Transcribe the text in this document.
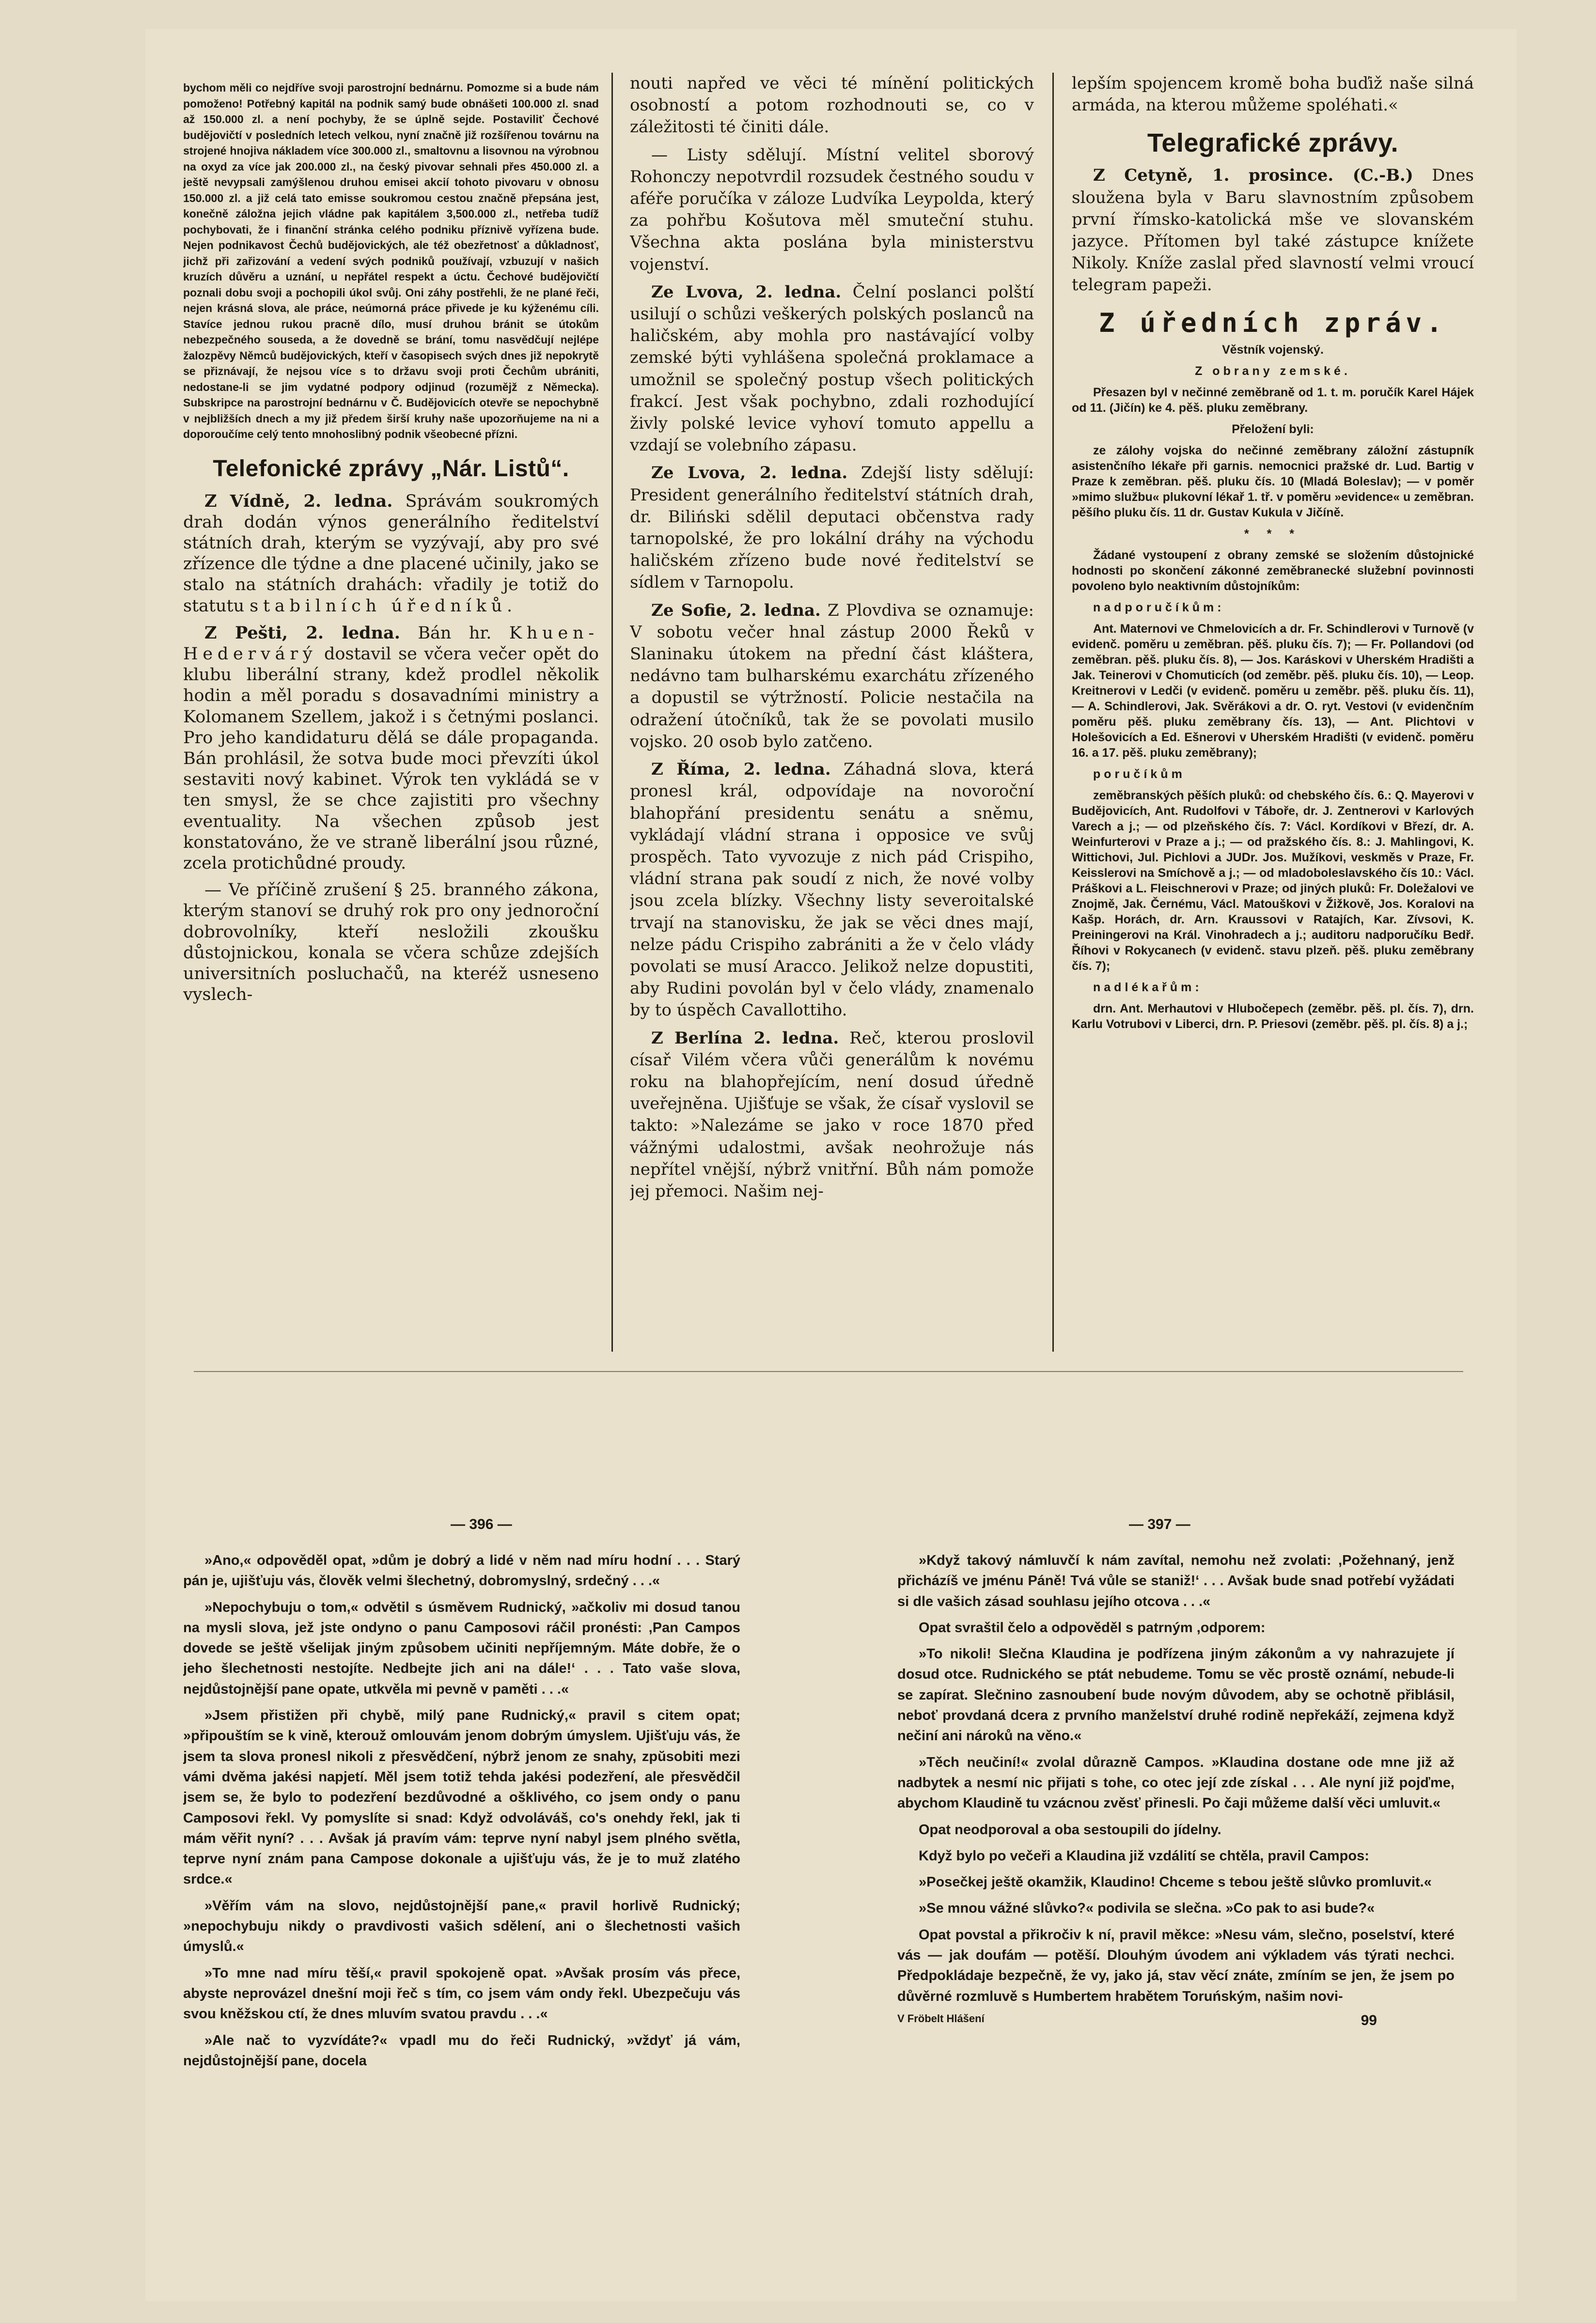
bychom měli co nejdříve svoji parostrojní bednárnu. Pomozme si a bude nám pomoženo! Potřebný kapitál na podnik samý bude obnášeti 100.000 zl. snad až 150.000 zl. a není pochyby, že se úplně sejde. Postaviliť Čechové budějovičtí v posledních letech velkou, nyní značně již rozšířenou továrnu na strojené hnojiva nákladem více 300.000 zl., smaltovnu a lisovnou na výrobnou na oxyd za více jak 200.000 zl., na český pivovar sehnali přes 450.000 zl. a ještě nevypsali zamýšlenou druhou emisei akcií tohoto pivovaru v obnosu 150.000 zl. a již celá tato emisse soukromou cestou značně přepsána jest, konečně záložna jejich vládne pak kapitálem 3,500.000 zl., netřeba tudíž pochybovati, že i finanční stránka celého podniku příznivě vyřízena bude. Nejen podnikavost Čechů budějovických, ale též obezřetnosť a důkladnosť, jichž při zařizování a vedení svých podniků používají, vzbuzují v našich kruzích důvěru a uznání, u nepřátel respekt a úctu. Čechové budějovičtí poznali dobu svoji a pochopili úkol svůj. Oni záhy postřehli, že ne plané řeči, nejen krásná slova, ale práce, neúmorná práce přivede je ku kýženému cíli. Stavíce jednou rukou pracně dílo, musí druhou bránit se útokům nebezpečného souseda, a že dovedně se brání, tomu nasvědčují nejlépe žalozpěvy Němců budějovických, kteří v časopisech svých dnes již nepokrytě se přiznávají, že nejsou více s to državu svoji proti Čechům ubrániti, nedostane-li se jim vydatné podpory odjinud (rozumějž z Německa). Subskripce na parostrojní bednárnu v Č. Budějovicích otevře se nepochybně v nejbližších dnech a my již předem širší kruhy naše upozorňujeme na ni a doporoučíme celý tento mnohoslibný podnik všeobecné přízni.

Telefonické zprávy „Nár. Listů“.

Z Vídně, 2. ledna. Správám soukromých drah dodán výnos generálního ředitelství státních drah, kterým se vyzývají, aby pro své zřízence dle týdne a dne placené učinily, jako se stalo na státních drahách: vřadily je totiž do statutu stabilních úředníků.

Z Pešti, 2. ledna. Bán hr. Khuen-Hedervárý dostavil se včera večer opět do klubu liberální strany, kdež prodlel několik hodin a měl poradu s dosavadními ministry a Kolomanem Szellem, jakož i s četnými poslanci. Pro jeho kandidaturu dělá se dále propaganda. Bán prohlásil, že sotva bude moci převzíti úkol sestaviti nový kabinet. Výrok ten vykládá se v ten smysl, že se chce zajistiti pro všechny eventuality. Na všechen způsob jest konstatováno, že ve straně liberální jsou různé, zcela protichůdné proudy.

— Ve příčině zrušení § 25. branného zákona, kterým stanoví se druhý rok pro ony jednoroční dobrovolníky, kteří nesložili zkoušku důstojnickou, konala se včera schůze zdejších universitních posluchačů, na kteréž usneseno vyslech-

nouti napřed ve věci té mínění politických osobností a potom rozhodnouti se, co v záležitosti té činiti dále.

— Listy sdělují. Místní velitel sborový Rohonczy nepotvrdil rozsudek čestného soudu v aféře poručíka v záloze Ludvíka Leypolda, který za pohřbu Košutova měl smuteční stuhu. Všechna akta poslána byla ministerstvu vojenství.

Ze Lvova, 2. ledna. Čelní poslanci polští usilují o schůzi veškerých polských poslanců na haličském, aby mohla pro nastávající volby zemské býti vyhlášena společná proklamace a umožnil se společný postup všech politických frakcí. Jest však pochybno, zdali rozhodující živly polské levice vyhoví tomuto appellu a vzdají se volebního zápasu.

Ze Lvova, 2. ledna. Zdejší listy sdělují: President generálního ředitelství státních drah, dr. Biliński sdělil deputaci občenstva rady tarnopolské, že pro lokální dráhy na východu haličském zřízeno bude nové ředitelství se sídlem v Tarnopolu.

Ze Sofie, 2. ledna. Z Plovdiva se oznamuje: V sobotu večer hnal zástup 2000 Řeků v Slaninaku útokem na přední část kláštera, nedávno tam bulharskému exarchátu zřízeného a dopustil se výtržností. Policie nestačila na odražení útočníků, tak že se povolati musilo vojsko. 20 osob bylo zatčeno.

Z Říma, 2. ledna. Záhadná slova, která pronesl král, odpovídaje na novoroční blahopřání presidentu senátu a sněmu, vykládají vládní strana i opposice ve svůj prospěch. Tato vyvozuje z nich pád Crispiho, vládní strana pak soudí z nich, že nové volby jsou zcela blízky. Všechny listy severoitalské trvají na stanovisku, že jak se věci dnes mají, nelze pádu Crispiho zabrániti a že v čelo vlády povolati se musí Aracco. Jelikož nelze dopustiti, aby Rudini povolán byl v čelo vlády, znamenalo by to úspěch Cavallottiho.

Z Berlína 2. ledna. Reč, kterou proslovil císař Vilém včera vůči generálům k novému roku na blahopřejícím, není dosud úředně uveřejněna. Ujišťuje se však, že císař vyslovil se takto: »Nalezáme se jako v roce 1870 před vážnými udalostmi, avšak neohrožuje nás nepřítel vnější, nýbrž vnitřní. Bůh nám pomože jej přemoci. Našim nej-

lepším spojencem kromě boha buďiž naše silná armáda, na kterou můžeme spoléhati.«

Telegrafické zprávy.

Z Cetyně, 1. prosince. (C.-B.) Dnes sloužena byla v Baru slavnostním způsobem první římsko-katolická mše ve slovanském jazyce. Přítomen byl také zástupce knížete Nikoly. Kníže zaslal před slavností velmi vroucí telegram papeži.

Z úředních zpráv.

Věstník vojenský.

Z obrany zemské.

Přesazen byl v nečinné zeměbraně od 1. t. m. poručík Karel Hájek od 11. (Jičín) ke 4. pěš. pluku zeměbrany.

Přeložení byli:

ze zálohy vojska do nečinné zeměbrany záložní zástupník asistenčního lékaře při garnis. nemocnici pražské dr. Lud. Bartig v Praze k zeměbran. pěš. pluku čís. 10 (Mladá Boleslav); — v poměr »mimo službu« plukovní lékař 1. tř. v poměru »evidence« u zeměbran. pěšího pluku čís. 11 dr. Gustav Kukula v Jičíně.

* * *

Žádané vystoupení z obrany zemské se složením důstojnické hodnosti po skončení zákonné zeměbranecké služební povinnosti povoleno bylo neaktivním důstojníkům:

nadporučíkům:

Ant. Maternovi ve Chmelovicích a dr. Fr. Schindlerovi v Turnově (v evidenč. poměru u zeměbran. pěš. pluku čís. 7); — Fr. Pollandovi (od zeměbran. pěš. pluku čís. 8), — Jos. Karáskovi v Uherském Hradišti a Jak. Teinerovi v Chomuticích (od zeměbr. pěš. pluku čís. 10), — Leop. Kreitnerovi v Ledči (v evidenč. poměru u zeměbr. pěš. pluku čís. 11), — A. Schindlerovi, Jak. Svěrákovi a dr. O. ryt. Vestovi (v evidenčním poměru pěš. pluku zeměbrany čís. 13), — Ant. Plichtovi v Holešovicích a Ed. Ešnerovi v Uherském Hradišti (v evidenč. poměru 16. a 17. pěš. pluku zeměbrany);

poručíkům

zeměbranských pěších pluků: od chebského čís. 6.: Q. Mayerovi v Budějovicích, Ant. Rudolfovi v Táboře, dr. J. Zentnerovi v Karlových Varech a j.; — od plzeňského čís. 7: Václ. Kordíkovi v Březí, dr. A. Weinfurterovi v Praze a j.; — od pražského čís. 8.: J. Mahlingovi, K. Wittichovi, Jul. Pichlovi a JUDr. Jos. Mužíkovi, veskměs v Praze, Fr. Keisslerovi na Smíchově a j.; — od mladoboleslavského čís 10.: Václ. Práškovi a L. Fleischnerovi v Praze; od jiných pluků: Fr. Doležalovi ve Znojmě, Jak. Černému, Václ. Matouškovi v Žižkově, Jos. Koralovi na Kašp. Horách, dr. Arn. Kraussovi v Ratajích, Kar. Zívsovi, K. Preiningerovi na Král. Vinohradech a j.; auditoru nadporučíku Bedř. Říhovi v Rokycanech (v evidenč. stavu plzeň. pěš. pluku zeměbrany čís. 7);

nadlékařům:

drn. Ant. Merhautovi v Hlubočepech (zeměbr. pěš. pl. čís. 7), drn. Karlu Votrubovi v Liberci, drn. P. Priesovi (zeměbr. pěš. pl. čís. 8) a j.;

— 396 —	— 397 —

»Ano,« odpověděl opat, »dům je dobrý a lidé v něm nad míru hodní . . . Starý pán je, ujišťuju vás, člověk velmi šlechetný, dobromyslný, srdečný . . .«

»Nepochybuju o tom,« odvětil s úsměvem Rudnický, »ačkoliv mi dosud tanou na mysli slova, jež jste ondyno o panu Camposovi ráčil pronésti: ,Pan Campos dovede se ještě všelijak jiným způsobem učiniti nepříjemným. Máte dobře, že o jeho šlechetnosti nestojíte. Nedbejte jich ani na dále!‘ . . . Tato vaše slova, nejdůstojnější pane opate, utkvěla mi pevně v paměti . . .«

»Jsem přistižen při chybě, milý pane Rudnický,« pravil s citem opat; »připouštím se k vině, kterouž omlouvám jenom dobrým úmyslem. Ujišťuju vás, že jsem ta slova pronesl nikoli z přesvědčení, nýbrž jenom ze snahy, zpŭsobiti mezi vámi dvěma jakési napjetí. Měl jsem totiž tehda jakési podezření, ale přesvědčil jsem se, že bylo to podezření bezdůvodné a ošklivého, co jsem ondy o panu Camposovi řekl. Vy pomyslíte si snad: Když odvoláváš, co's onehdy řekl, jak ti mám věřit nyní? . . . Avšak já pravím vám: teprve nyní nabyl jsem plného světla, teprve nyní znám pana Campose dokonale a ujišťuju vás, že je to muž zlatého srdce.«

»Věřím vám na slovo, nejdůstojnější pane,« pravil horlivě Rudnický; »nepochybuju nikdy o pravdivosti vašich sdělení, ani o šlechetnosti vašich úmyslů.«

»To mne nad míru těší,« pravil spokojeně opat. »Avšak prosím vás přece, abyste neprovázel dnešní moji řeč s tím, co jsem vám ondy řekl. Ubezpečuju vás svou kněžskou ctí, že dnes mluvím svatou pravdu . . .«

»Ale nač to vyzvídáte?« vpadl mu do řeči Rudnický, »vždyť já vám, nejdůstojnější pane, docela

»Když takový námluvčí k nám zavítal, nemohu než zvolati: ,Požehnaný, jenž přicházíš ve jménu Páně! Tvá vůle se staniž!‘ . . . Avšak bude snad potřebí vyžádati si dle vašich zásad souhlasu jejího otcova . . .«

Opat svraštil čelo a odpověděl s patrným ,odporem:

»To nikoli! Slečna Klaudina je podřízena jiným zákonům a vy nahrazujete jí dosud otce. Rudnického se ptát nebudeme. Tomu se věc prostě oznámí, nebude-li se zapírat. Slečnino zasnoubení bude novým důvodem, aby se ochotně přiblásil, neboť provdaná dcera z prvního manželství druhé rodině nepřekáží, zejmena když nečiní ani nároků na věno.«

»Těch neučiní!« zvolal důrazně Campos. »Klaudina dostane ode mne již až nadbytek a nesmí nic přijati s tohe, co otec její zde získal . . . Ale nyní již pojďme, abychom Klaudině tu vzácnou zvěsť přinesli. Po čaji můžeme další věci umluvit.«

Opat neodporoval a oba sestoupili do jídelny.

Když bylo po večeři a Klaudina již vzdálití se chtěla, pravil Campos:

»Posečkej ještě okamžik, Klaudino! Chceme s tebou ještě slůvko promluvit.«

»Se mnou vážné slůvko?« podivila se slečna. »Co pak to asi bude?«

Opat povstal a přikročiv k ní, pravil měkce: »Nesu vám, slečno, poselství, které vás — jak doufám — potěší. Dlouhým úvodem ani výkladem vás týrati nechci. Předpokládaje bezpečně, že vy, jako já, stav věcí znáte, zmíním se jen, že jsem po důvěrné rozmluvě s Humbertem hrabětem Toruńským, našim novi-

V Fröbelt Hlášení	99
